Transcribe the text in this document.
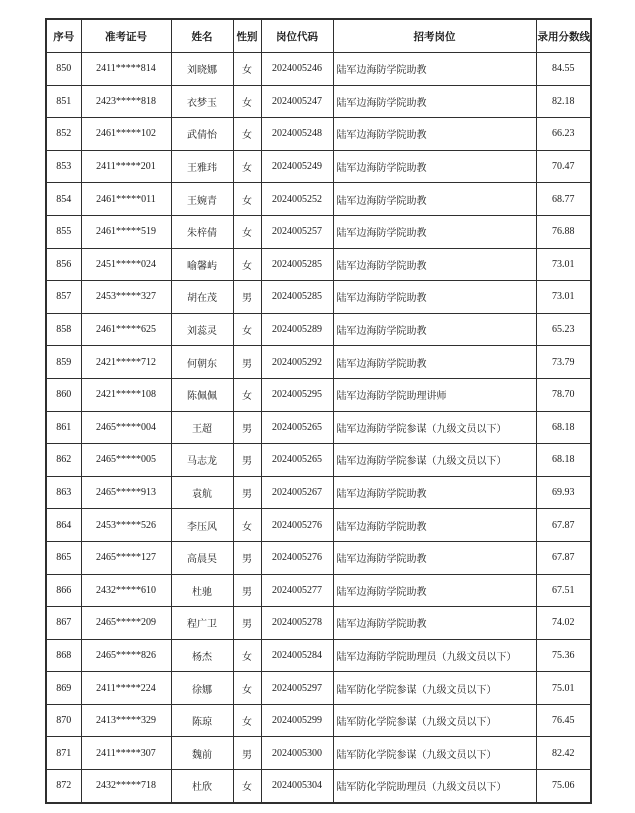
序号	准考证号	姓名	性别	岗位代码	招考岗位	录用分数线
850	2411*****814	刘晓娜	女	2024005246	陆军边海防学院助教	84.55
851	2423*****818	衣梦玉	女	2024005247	陆军边海防学院助教	82.18
852	2461*****102	武倩怡	女	2024005248	陆军边海防学院助教	66.23
853	2411*****201	王雅玮	女	2024005249	陆军边海防学院助教	70.47
854	2461*****011	王婉青	女	2024005252	陆军边海防学院助教	68.77
855	2461*****519	朱梓倩	女	2024005257	陆军边海防学院助教	76.88
856	2451*****024	喻馨屿	女	2024005285	陆军边海防学院助教	73.01
857	2453*****327	胡在茂	男	2024005285	陆军边海防学院助教	73.01
858	2461*****625	刘蕊灵	女	2024005289	陆军边海防学院助教	65.23
859	2421*****712	何朝东	男	2024005292	陆军边海防学院助教	73.79
860	2421*****108	陈佩佩	女	2024005295	陆军边海防学院助理讲师	78.70
861	2465*****004	王超	男	2024005265	陆军边海防学院参谋（九级文员以下）	68.18
862	2465*****005	马志龙	男	2024005265	陆军边海防学院参谋（九级文员以下）	68.18
863	2465*****913	袁航	男	2024005267	陆军边海防学院助教	69.93
864	2453*****526	李压风	女	2024005276	陆军边海防学院助教	67.87
865	2465*****127	高晨昊	男	2024005276	陆军边海防学院助教	67.87
866	2432*****610	杜驰	男	2024005277	陆军边海防学院助教	67.51
867	2465*****209	程广卫	男	2024005278	陆军边海防学院助教	74.02
868	2465*****826	杨杰	女	2024005284	陆军边海防学院助理员（九级文员以下）	75.36
869	2411*****224	徐娜	女	2024005297	陆军防化学院参谋（九级文员以下）	75.01
870	2413*****329	陈琼	女	2024005299	陆军防化学院参谋（九级文员以下）	76.45
871	2411*****307	魏前	男	2024005300	陆军防化学院参谋（九级文员以下）	82.42
872	2432*****718	杜欣	女	2024005304	陆军防化学院助理员（九级文员以下）	75.06
